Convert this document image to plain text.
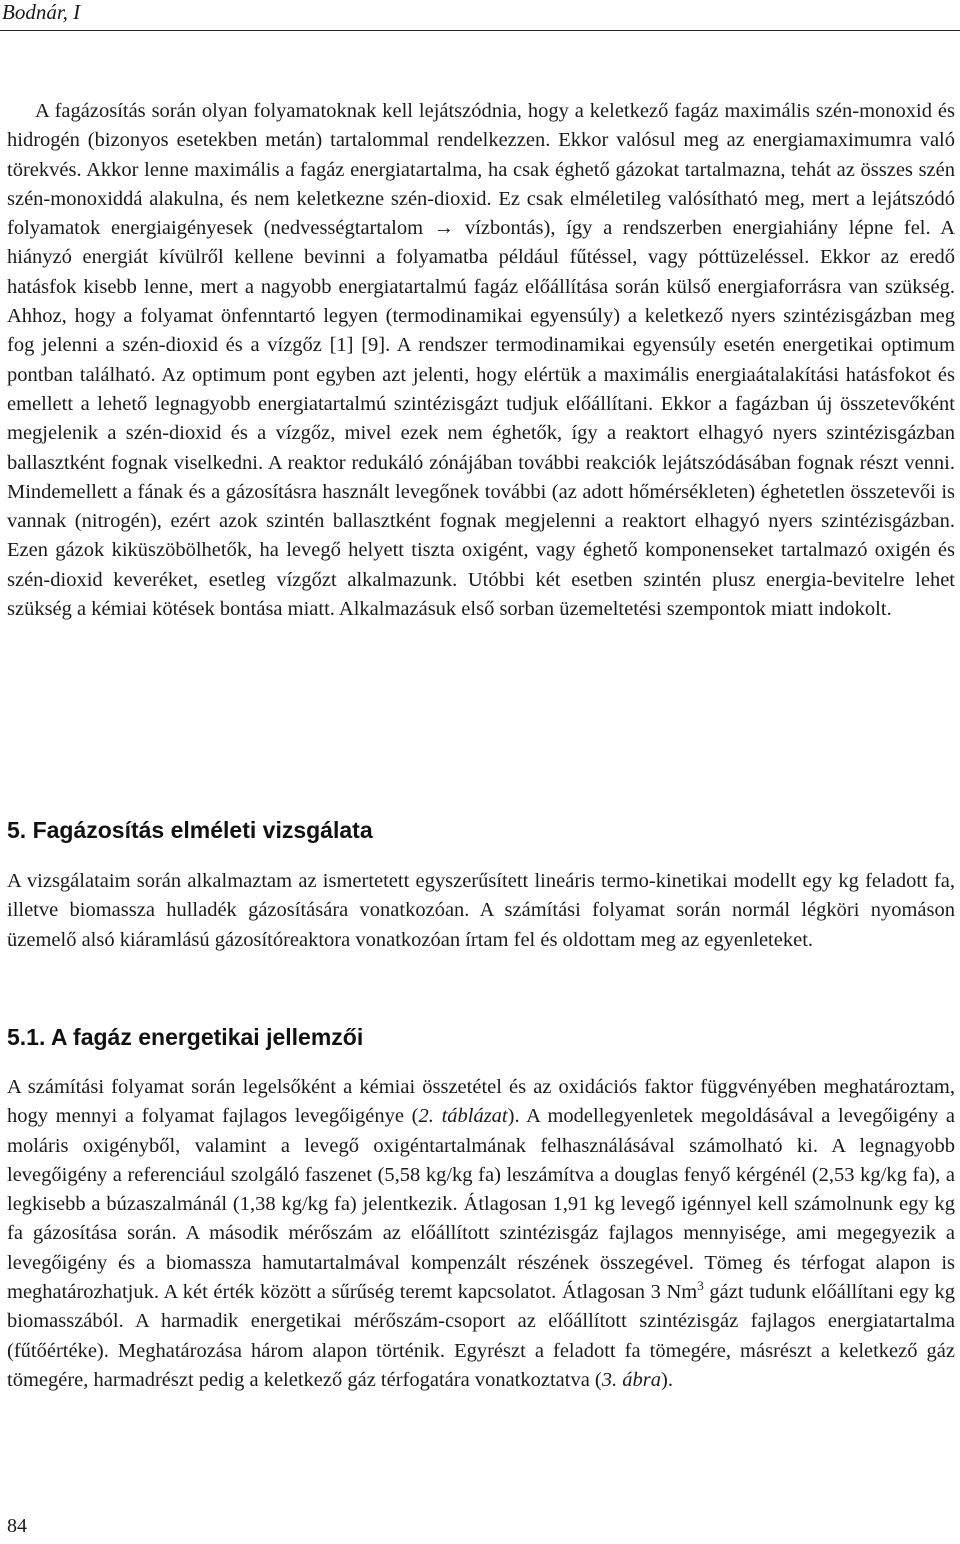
Bodnár, I

A fagázosítás során olyan folyamatoknak kell lejátszódnia, hogy a keletkező fagáz maximális szén-monoxid és hidrogén (bizonyos esetekben metán) tartalommal rendelkezzen. Ekkor valósul meg az energiamaximumra való törekvés. Akkor lenne maximális a fagáz energiatartalma, ha csak éghető gázokat tartalmazna, tehát az összes szén szén-monoxiddá alakulna, és nem keletkezne szén-dioxid. Ez csak elméletileg valósítható meg, mert a lejátszódó folyamatok energiaigényesek (nedvességtartalom → vízbontás), így a rendszerben energiahiány lépne fel. A hiányzó energiát kívülről kellene bevinni a folyamatba például fűtéssel, vagy póttüzeléssel. Ekkor az eredő hatásfok kisebb lenne, mert a nagyobb energiatartalmú fagáz előállítása során külső energiaforrásra van szükség. Ahhoz, hogy a folyamat önfenntartó legyen (termodinamikai egyensúly) a keletkező nyers szintézisgázban meg fog jelenni a szén-dioxid és a vízgőz [1] [9]. A rendszer termodinamikai egyensúly esetén energetikai optimum pontban található. Az optimum pont egyben azt jelenti, hogy elértük a maximális energiaátalakítási hatásfokot és emellett a lehető legnagyobb energiatartalmú szintézisgázt tudjuk előállítani. Ekkor a fagázban új összetevőként megjelenik a szén-dioxid és a vízgőz, mivel ezek nem éghetők, így a reaktort elhagyó nyers szintézisgázban ballasztként fognak viselkedni. A reaktor redukáló zónájában további reakciók lejátszódásában fognak részt venni. Mindemellett a fának és a gázosításra használt levegőnek további (az adott hőmérsékleten) éghetetlen összetevői is vannak (nitrogén), ezért azok szintén ballasztként fognak megjelenni a reaktort elhagyó nyers szintézisgázban. Ezen gázok kiküszöbölhetők, ha levegő helyett tiszta oxigént, vagy éghető komponenseket tartalmazó oxigén és szén-dioxid keveréket, esetleg vízgőzt alkalmazunk. Utóbbi két esetben szintén plusz energia-bevitelre lehet szükség a kémiai kötések bontása miatt. Alkalmazásuk első sorban üzemeltetési szempontok miatt indokolt.

5. Fagázosítás elméleti vizsgálata

A vizsgálataim során alkalmaztam az ismertetett egyszerűsített lineáris termo-kinetikai modellt egy kg feladott fa, illetve biomassza hulladék gázosítására vonatkozóan. A számítási folyamat során normál légköri nyomáson üzemelő alsó kiáramlású gázosítóreaktora vonatkozóan írtam fel és oldottam meg az egyenleteket.

5.1. A fagáz energetikai jellemzői

A számítási folyamat során legelsőként a kémiai összetétel és az oxidációs faktor függvényében meghatároztam, hogy mennyi a folyamat fajlagos levegőigénye (2. táblázat). A modellegyenletek megoldásával a levegőigény a moláris oxigényből, valamint a levegő oxigéntartalmának felhasználásával számolható ki. A legnagyobb levegőigény a referenciául szolgáló faszenet (5,58 kg/kg fa) leszámítva a douglas fenyő kérgénél (2,53 kg/kg fa), a legkisebb a búzaszalmánál (1,38 kg/kg fa) jelentkezik. Átlagosan 1,91 kg levegő igénnyel kell számolnunk egy kg fa gázosítása során. A második mérőszám az előállított szintézisgáz fajlagos mennyisége, ami megegyezik a levegőigény és a biomassza hamutartalmával kompenzált részének összegével. Tömeg és térfogat alapon is meghatározhatjuk. A két érték között a sűrűség teremt kapcsolatot. Átlagosan 3 Nm$^3$ gázt tudunk előállítani egy kg biomasszából. A harmadik energetikai mérőszám-csoport az előállított szintézisgáz fajlagos energiatartalma (fűtőértéke). Meghatározása három alapon történik. Egyrészt a feladott fa tömegére, másrészt a keletkező gáz tömegére, harmadrészt pedig a keletkező gáz térfogatára vonatkoztatva (3. ábra).

84
